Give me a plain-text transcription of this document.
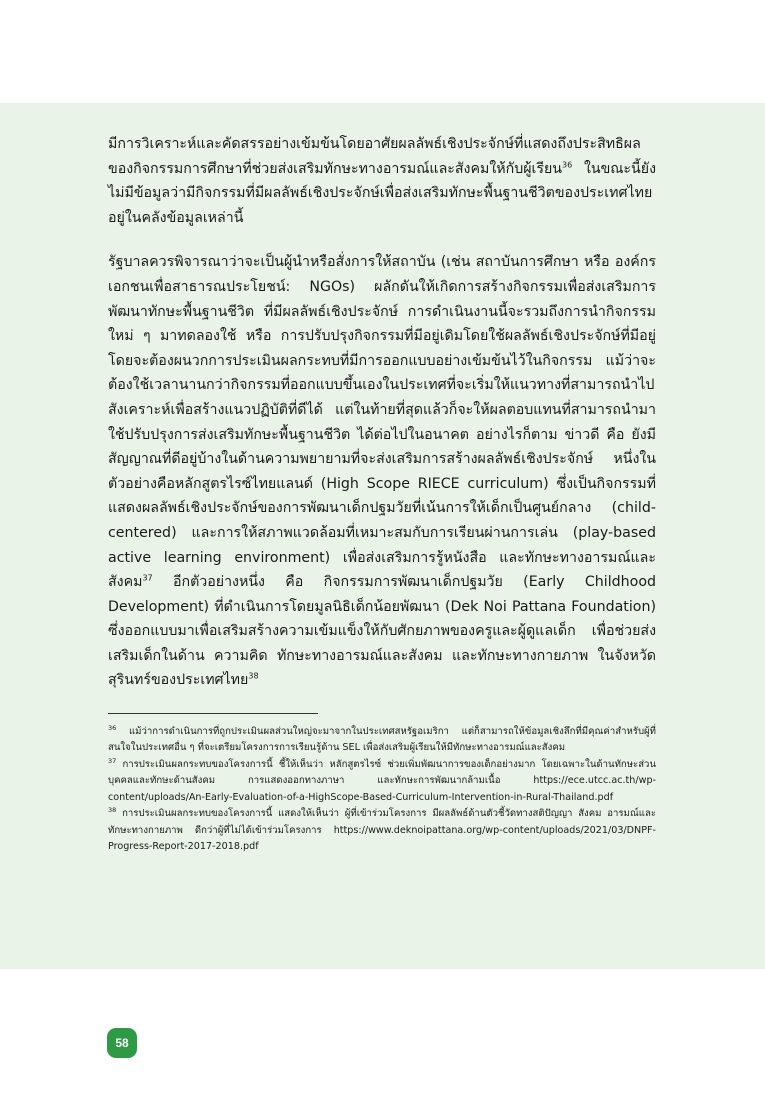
มีการวิเคราะห์และคัดสรรอย่างเข้มข้นโดยอาศัยผลลัพธ์เชิงประจักษ์ที่แสดงถึงประสิทธิผลของกิจกรรมการศึกษาที่ช่วยส่งเสริมทักษะทางอารมณ์และสังคมให้กับผู้เรียน$^{36}$ ในขณะนี้ยังไม่มีข้อมูลว่ามีกิจกรรมที่มีผลลัพธ์เชิงประจักษ์เพื่อส่งเสริมทักษะพื้นฐานชีวิตของประเทศไทยอยู่ในคลังข้อมูลเหล่านี้

รัฐบาลควรพิจารณาว่าจะเป็นผู้นำหรือสั่งการให้สถาบัน (เช่น สถาบันการศึกษา หรือ องค์กรเอกชนเพื่อสาธารณประโยชน์: NGOs) ผลักดันให้เกิดการสร้างกิจกรรมเพื่อส่งเสริมการพัฒนาทักษะพื้นฐานชีวิต ที่มีผลลัพธ์เชิงประจักษ์ การดำเนินงานนี้จะรวมถึงการนำกิจกรรมใหม่ ๆ มาทดลองใช้ หรือ การปรับปรุงกิจกรรมที่มีอยู่เดิมโดยใช้ผลลัพธ์เชิงประจักษ์ที่มีอยู่ โดยจะต้องผนวกการประเมินผลกระทบที่มีการออกแบบอย่างเข้มข้นไว้ในกิจกรรม แม้ว่าจะต้องใช้เวลานานกว่ากิจกรรมที่ออกแบบขึ้นเองในประเทศที่จะเริ่มให้แนวทางที่สามารถนำไปสังเคราะห์เพื่อสร้างแนวปฏิบัติที่ดีได้ แต่ในท้ายที่สุดแล้วก็จะให้ผลตอบแทนที่สามารถนำมาใช้ปรับปรุงการส่งเสริมทักษะพื้นฐานชีวิต ได้ต่อไปในอนาคต อย่างไรก็ตาม ข่าวดี คือ ยังมีสัญญาณที่ดีอยู่บ้างในด้านความพยายามที่จะส่งเสริมการสร้างผลลัพธ์เชิงประจักษ์ หนึ่งในตัวอย่างคือหลักสูตรไรซ์ไทยแลนด์ (High Scope RIECE curriculum) ซึ่งเป็นกิจกรรมที่แสดงผลลัพธ์เชิงประจักษ์ของการพัฒนาเด็กปฐมวัยที่เน้นการให้เด็กเป็นศูนย์กลาง (child-centered) และการให้สภาพแวดล้อมที่เหมาะสมกับการเรียนผ่านการเล่น (play-based active learning environment) เพื่อส่งเสริมการรู้หนังสือ และทักษะทางอารมณ์และสังคม$^{37}$ อีกตัวอย่างหนึ่ง คือ กิจกรรมการพัฒนาเด็กปฐมวัย (Early Childhood Development) ที่ดำเนินการโดยมูลนิธิเด็กน้อยพัฒนา (Dek Noi Pattana Foundation) ซึ่งออกแบบมาเพื่อเสริมสร้างความเข้มแข็งให้กับศักยภาพของครูและผู้ดูแลเด็ก เพื่อช่วยส่งเสริมเด็กในด้าน ความคิด ทักษะทางอารมณ์และสังคม และทักษะทางกายภาพ ในจังหวัดสุรินทร์ของประเทศไทย$^{38}$

$^{36}$ แม้ว่าการดำเนินการที่ถูกประเมินผลส่วนใหญ่จะมาจากในประเทศสหรัฐอเมริกา แต่ก็สามารถให้ข้อมูลเชิงลึกที่มีคุณค่าสำหรับผู้ที่สนใจในประเทศอื่น ๆ ที่จะเตรียมโครงการการเรียนรู้ด้าน SEL เพื่อส่งเสริมผู้เรียนให้มีทักษะทางอารมณ์และสังคม

$^{37}$ การประเมินผลกระทบของโครงการนี้ ชี้ให้เห็นว่า หลักสูตรไรซ์ ช่วยเพิ่มพัฒนาการของเด็กอย่างมาก โดยเฉพาะในด้านทักษะส่วนบุคคลและทักษะด้านสังคม การแสดงออกทางภาษา และทักษะการพัฒนากล้ามเนื้อ https://ece.utcc.ac.th/wp-content/uploads/An-Early-Evaluation-of-a-HighScope-Based-Curriculum-Intervention-in-Rural-Thailand.pdf

$^{38}$ การประเมินผลกระทบของโครงการนี้ แสดงให้เห็นว่า ผู้ที่เข้าร่วมโครงการ มีผลลัพธ์ด้านตัวชี้วัดทางสติปัญญา สังคม อารมณ์และทักษะทางกายภาพ ดีกว่าผู้ที่ไม่ได้เข้าร่วมโครงการ https://www.deknoipattana.org/wp-content/uploads/2021/03/DNPF-Progress-Report-2017-2018.pdf

58
